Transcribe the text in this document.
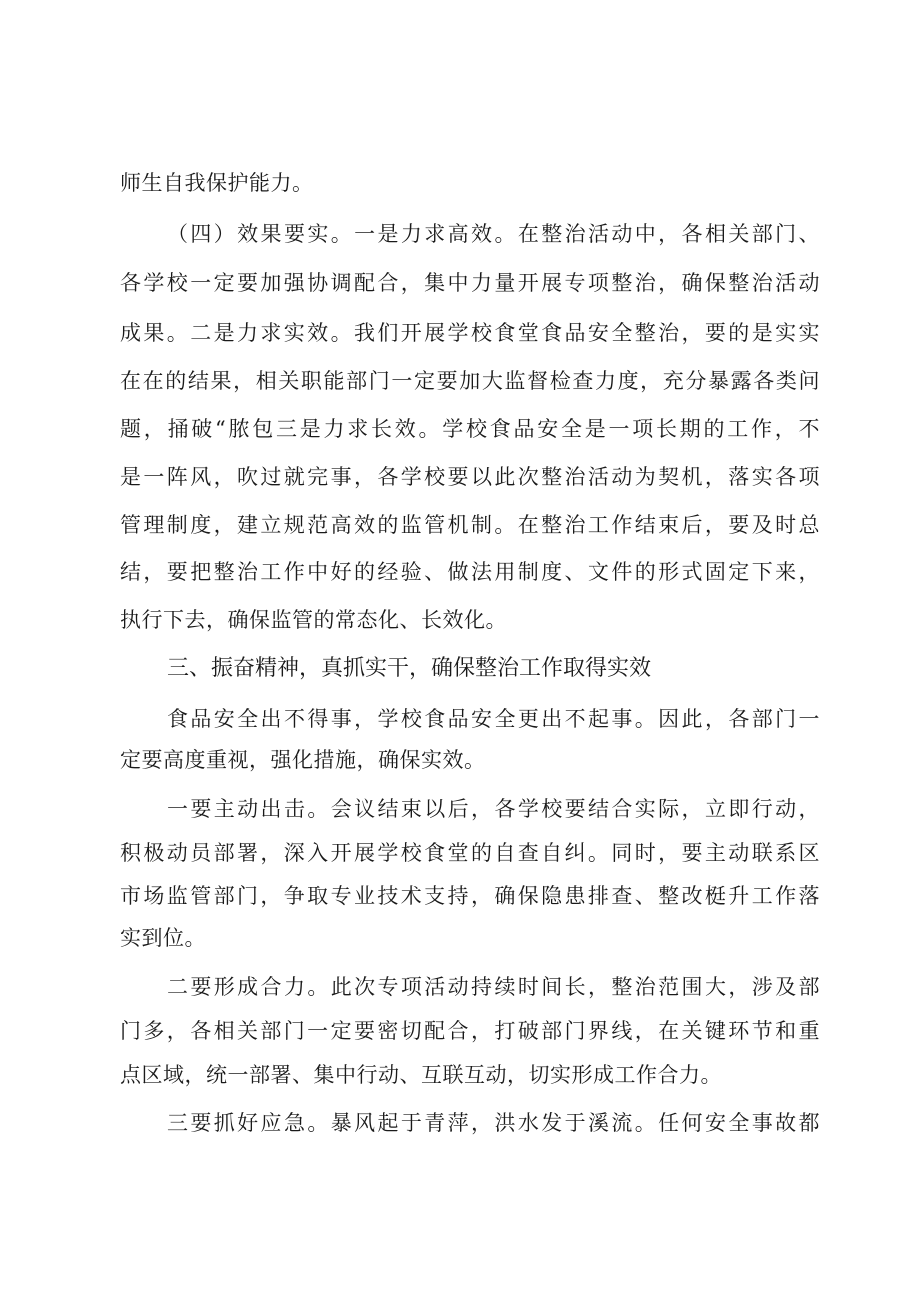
师生自我保护能力。
（四）效果要实。一是力求高效。在整治活动中，各相关部门、
各学校一定要加强协调配合，集中力量开展专项整治，确保整治活动
成果。二是力求实效。我们开展学校食堂食品安全整治，要的是实实
在在的结果，相关职能部门一定要加大监督检查力度，充分暴露各类问
题，捅破“脓包三是力求长效。学校食品安全是一项长期的工作，不
是一阵风，吹过就完事，各学校要以此次整治活动为契机，落实各项
管理制度，建立规范高效的监管机制。在整治工作结束后，要及时总
结，要把整治工作中好的经验、做法用制度、文件的形式固定下来，
执行下去，确保监管的常态化、长效化。
三、振奋精神，真抓实干，确保整治工作取得实效
食品安全出不得事，学校食品安全更出不起事。因此，各部门一
定要高度重视，强化措施，确保实效。
一要主动出击。会议结束以后，各学校要结合实际，立即行动，
积极动员部署，深入开展学校食堂的自查自纠。同时，要主动联系区
市场监管部门，争取专业技术支持，确保隐患排查、整改梃升工作落
实到位。
二要形成合力。此次专项活动持续时间长，整治范围大，涉及部
门多，各相关部门一定要密切配合，打破部门界线，在关键环节和重
点区域，统一部署、集中行动、互联互动，切实形成工作合力。
三要抓好应急。暴风起于青萍，洪水发于溪流。任何安全事故都
